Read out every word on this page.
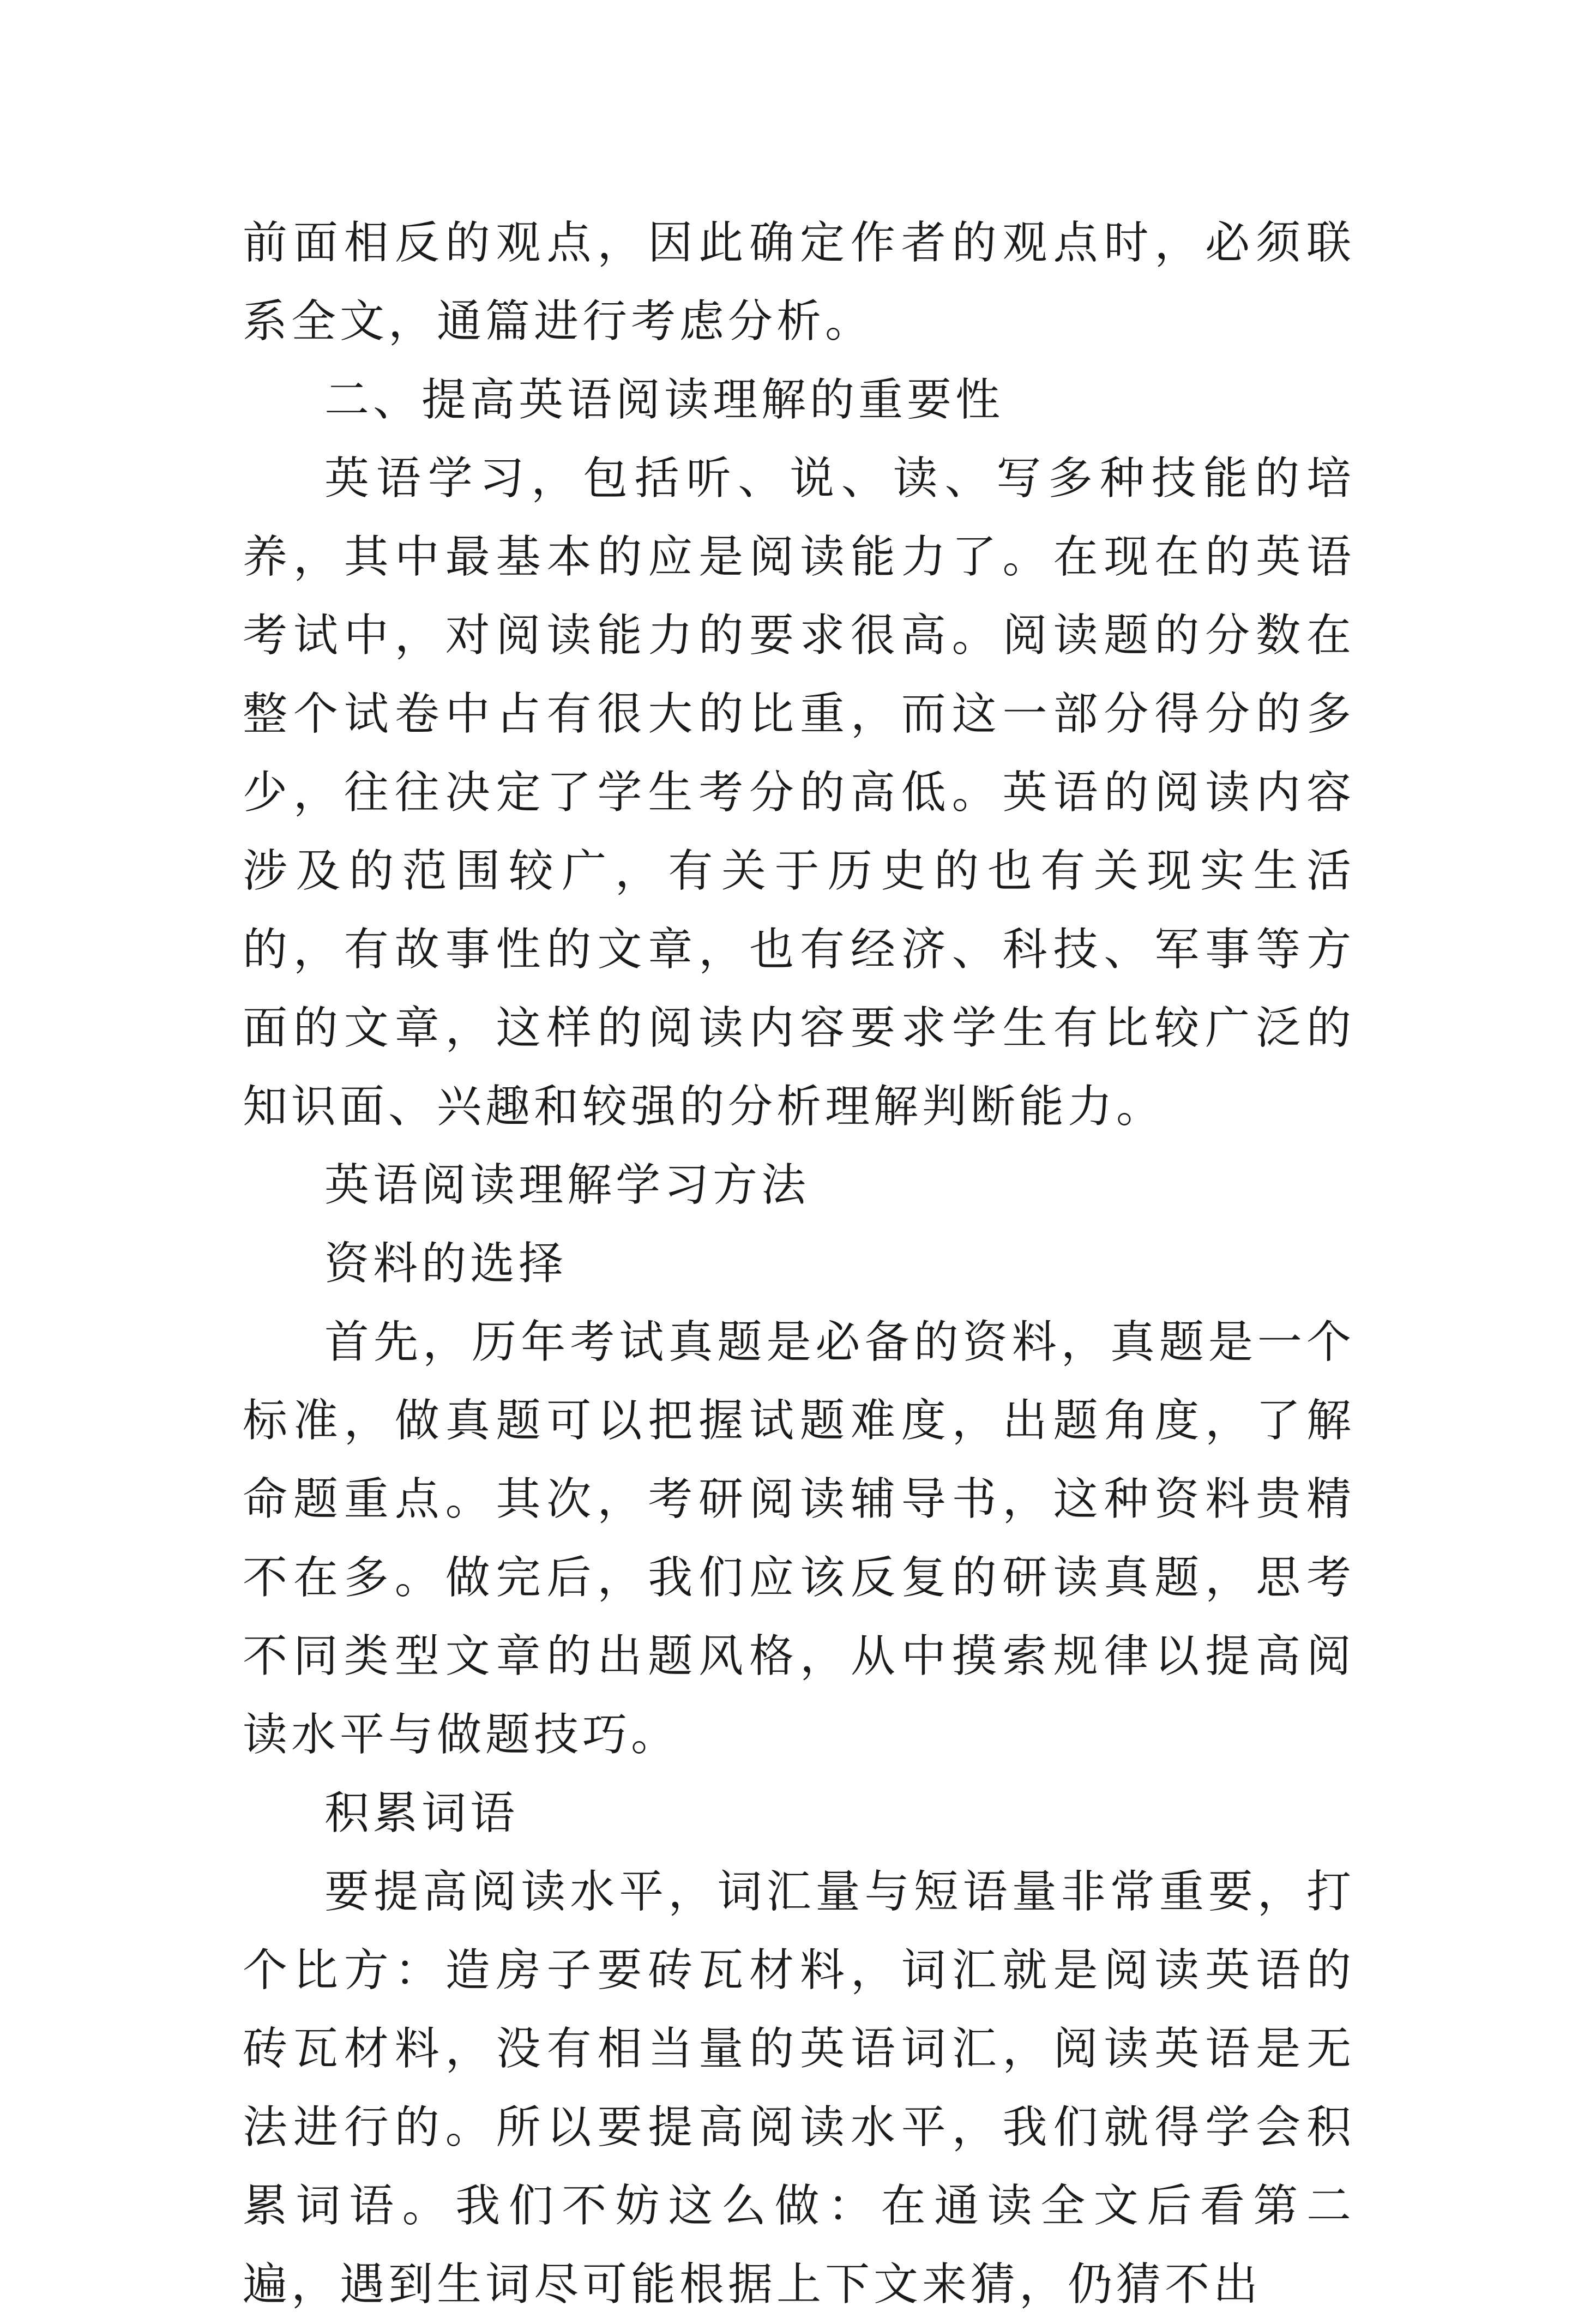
前面相反的观点，因此确定作者的观点时，必须联系全文，通篇进行考虑分析。

二、提高英语阅读理解的重要性

英语学习，包括听、说、读、写多种技能的培养，其中最基本的应是阅读能力了。在现在的英语考试中，对阅读能力的要求很高。阅读题的分数在整个试卷中占有很大的比重，而这一部分得分的多少，往往决定了学生考分的高低。英语的阅读内容涉及的范围较广，有关于历史的也有关现实生活的，有故事性的文章，也有经济、科技、军事等方面的文章，这样的阅读内容要求学生有比较广泛的知识面、兴趣和较强的分析理解判断能力。

英语阅读理解学习方法

资料的选择

首先，历年考试真题是必备的资料，真题是一个标准，做真题可以把握试题难度，出题角度，了解命题重点。其次，考研阅读辅导书，这种资料贵精不在多。做完后，我们应该反复的研读真题，思考不同类型文章的出题风格，从中摸索规律以提高阅读水平与做题技巧。

积累词语

要提高阅读水平，词汇量与短语量非常重要，打个比方：造房子要砖瓦材料，词汇就是阅读英语的砖瓦材料，没有相当量的英语词汇，阅读英语是无法进行的。所以要提高阅读水平，我们就得学会积累词语。我们不妨这么做：在通读全文后看第二遍，遇到生词尽可能根据上下文来猜，仍猜不出
